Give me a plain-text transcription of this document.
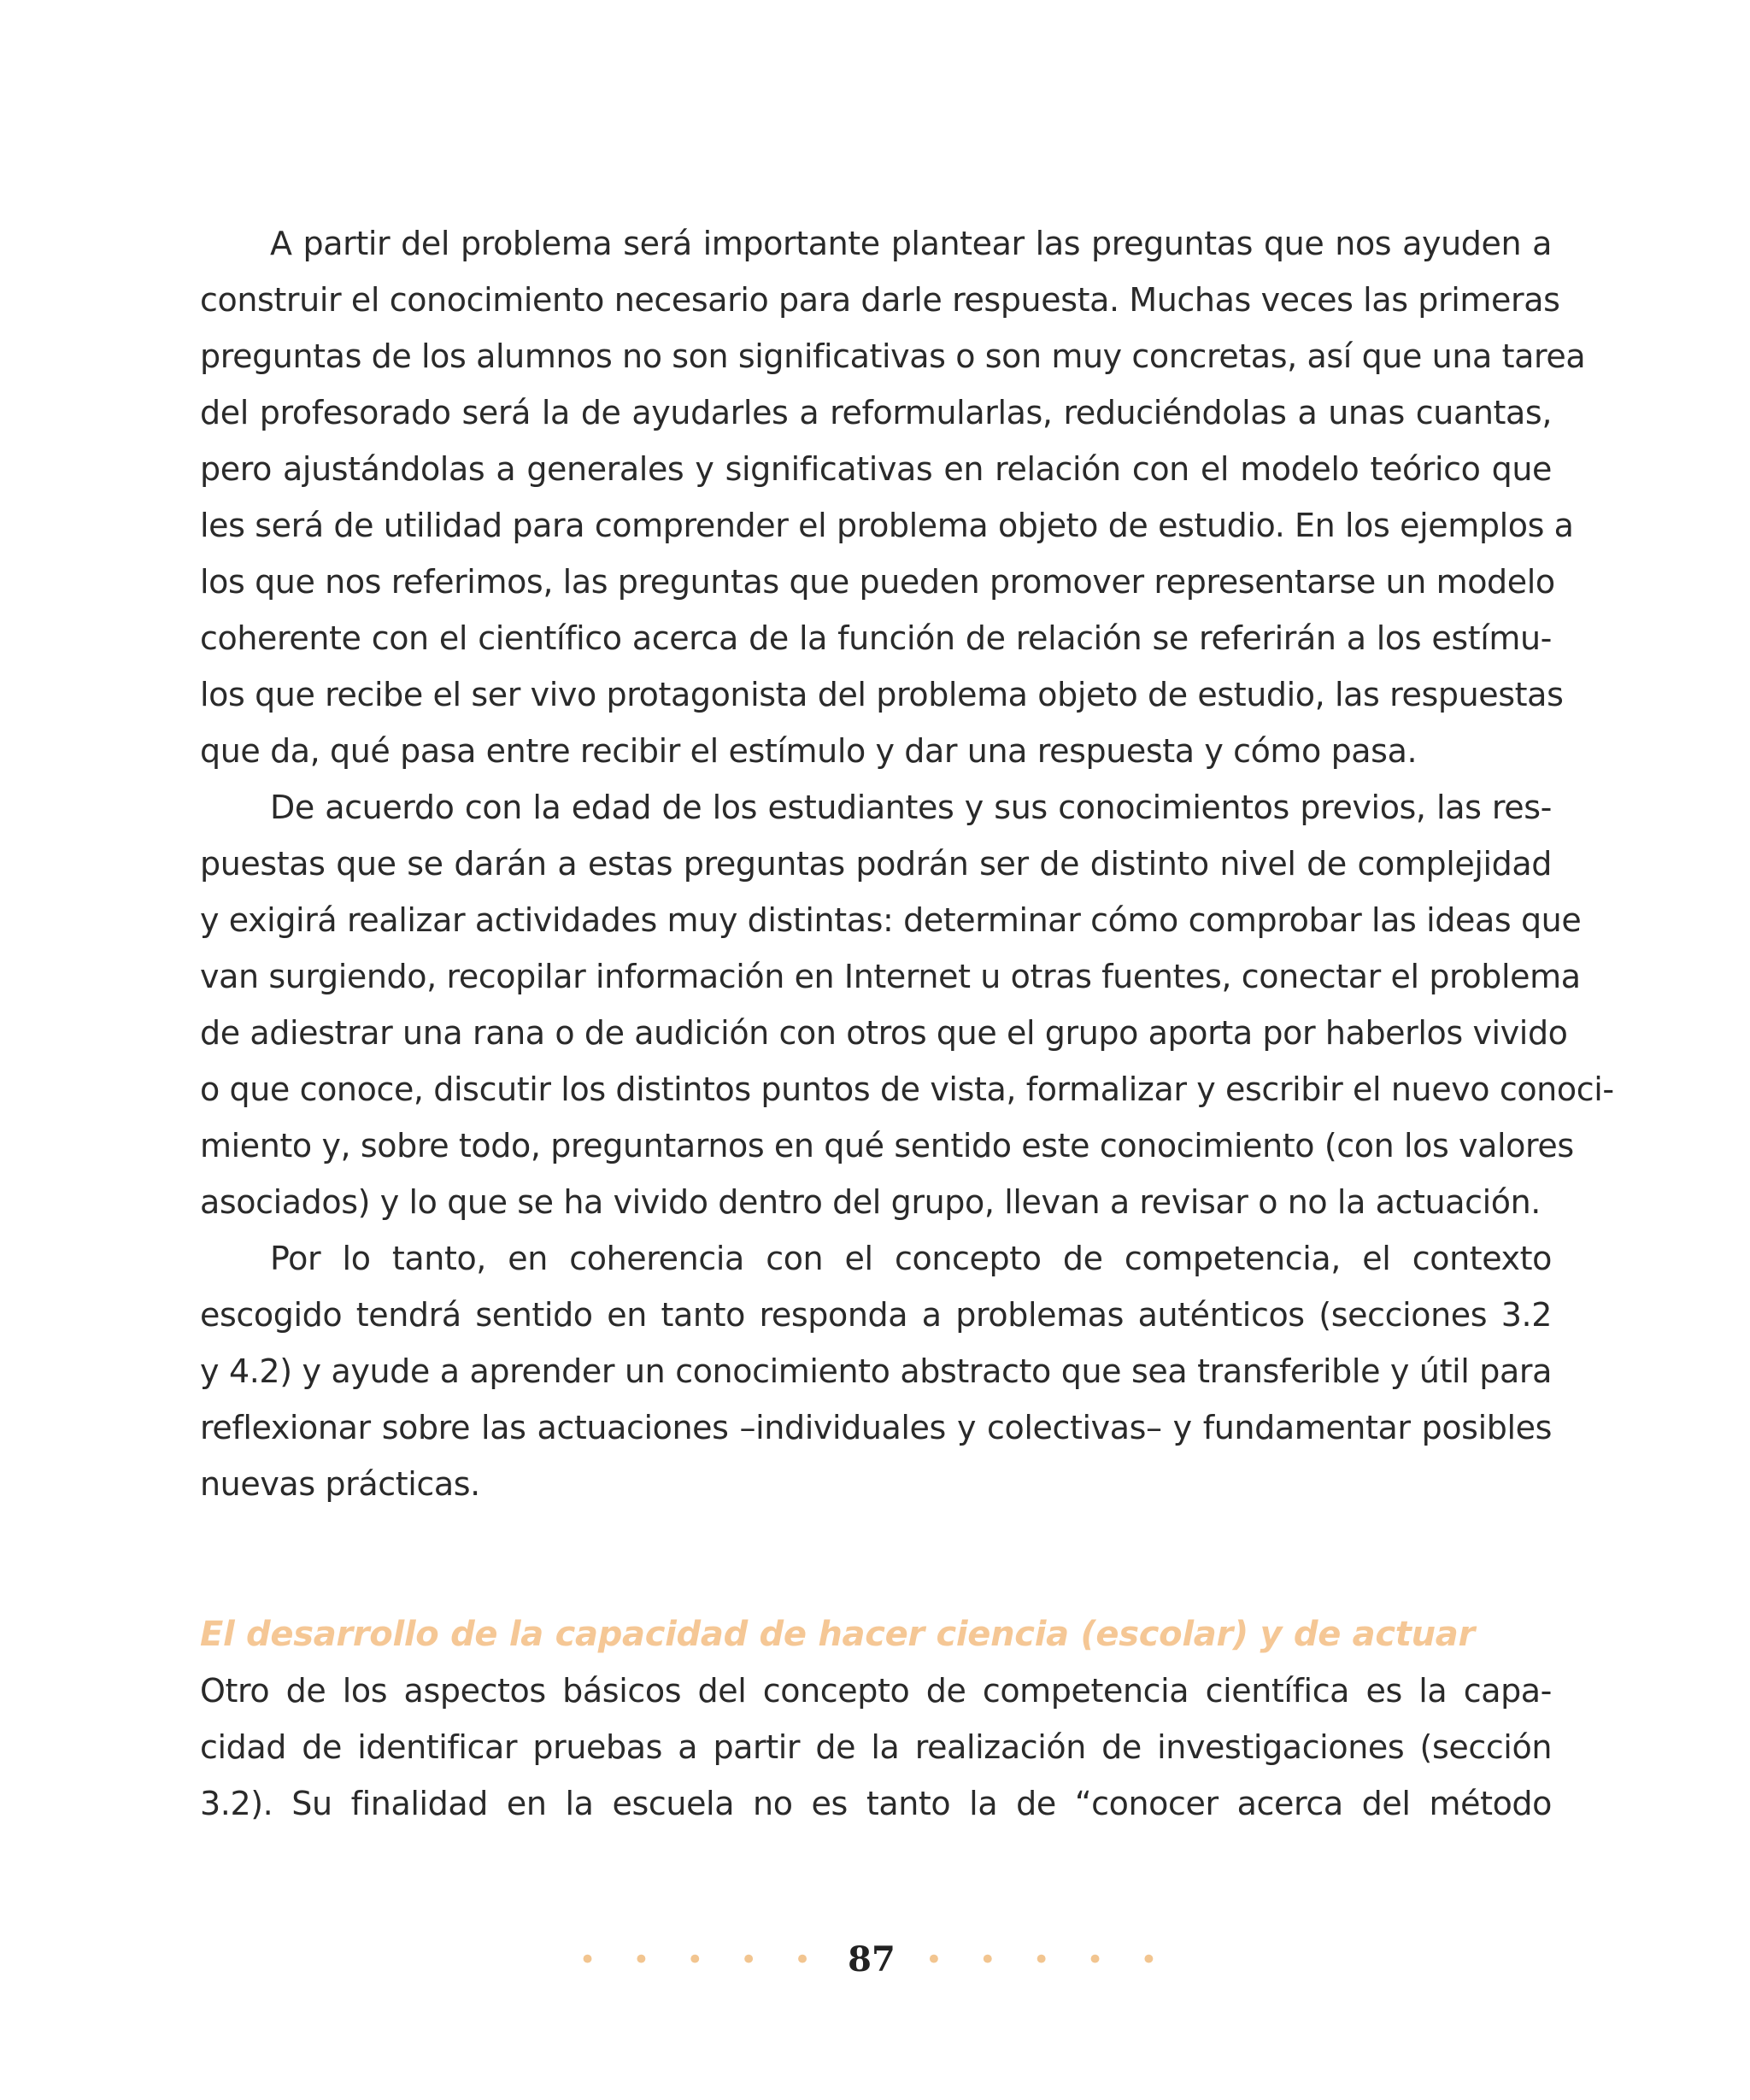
A partir del problema será importante plantear las preguntas que nos ayuden a
construir el conocimiento necesario para darle respuesta. Muchas veces las primeras
preguntas de los alumnos no son significativas o son muy concretas, así que una tarea
del profesorado será la de ayudarles a reformularlas, reduciéndolas a unas cuantas,
pero ajustándolas a generales y significativas en relación con el modelo teórico que
les será de utilidad para comprender el problema objeto de estudio. En los ejemplos a
los que nos referimos, las preguntas que pueden promover representarse un modelo
coherente con el científico acerca de la función de relación se referirán a los estímu-
los que recibe el ser vivo protagonista del problema objeto de estudio, las respuestas
que da, qué pasa entre recibir el estímulo y dar una respuesta y cómo pasa.
De acuerdo con la edad de los estudiantes y sus conocimientos previos, las res-
puestas que se darán a estas preguntas podrán ser de distinto nivel de complejidad
y exigirá realizar actividades muy distintas: determinar cómo comprobar las ideas que
van surgiendo, recopilar información en Internet u otras fuentes, conectar el problema
de adiestrar una rana o de audición con otros que el grupo aporta por haberlos vivido
o que conoce, discutir los distintos puntos de vista, formalizar y escribir el nuevo conoci-
miento y, sobre todo, preguntarnos en qué sentido este conocimiento (con los valores
asociados) y lo que se ha vivido dentro del grupo, llevan a revisar o no la actuación.
Por lo tanto, en coherencia con el concepto de competencia, el contexto
escogido tendrá sentido en tanto responda a problemas auténticos (secciones 3.2
y 4.2) y ayude a aprender un conocimiento abstracto que sea transferible y útil para
reflexionar sobre las actuaciones –individuales y colectivas– y fundamentar posibles
nuevas prácticas.
El desarrollo de la capacidad de hacer ciencia (escolar) y de actuar
Otro de los aspectos básicos del concepto de competencia científica es la capa-
cidad de identificar pruebas a partir de la realización de investigaciones (sección
3.2). Su finalidad en la escuela no es tanto la de “conocer acerca del método
• • • • • 87 • • • • •
